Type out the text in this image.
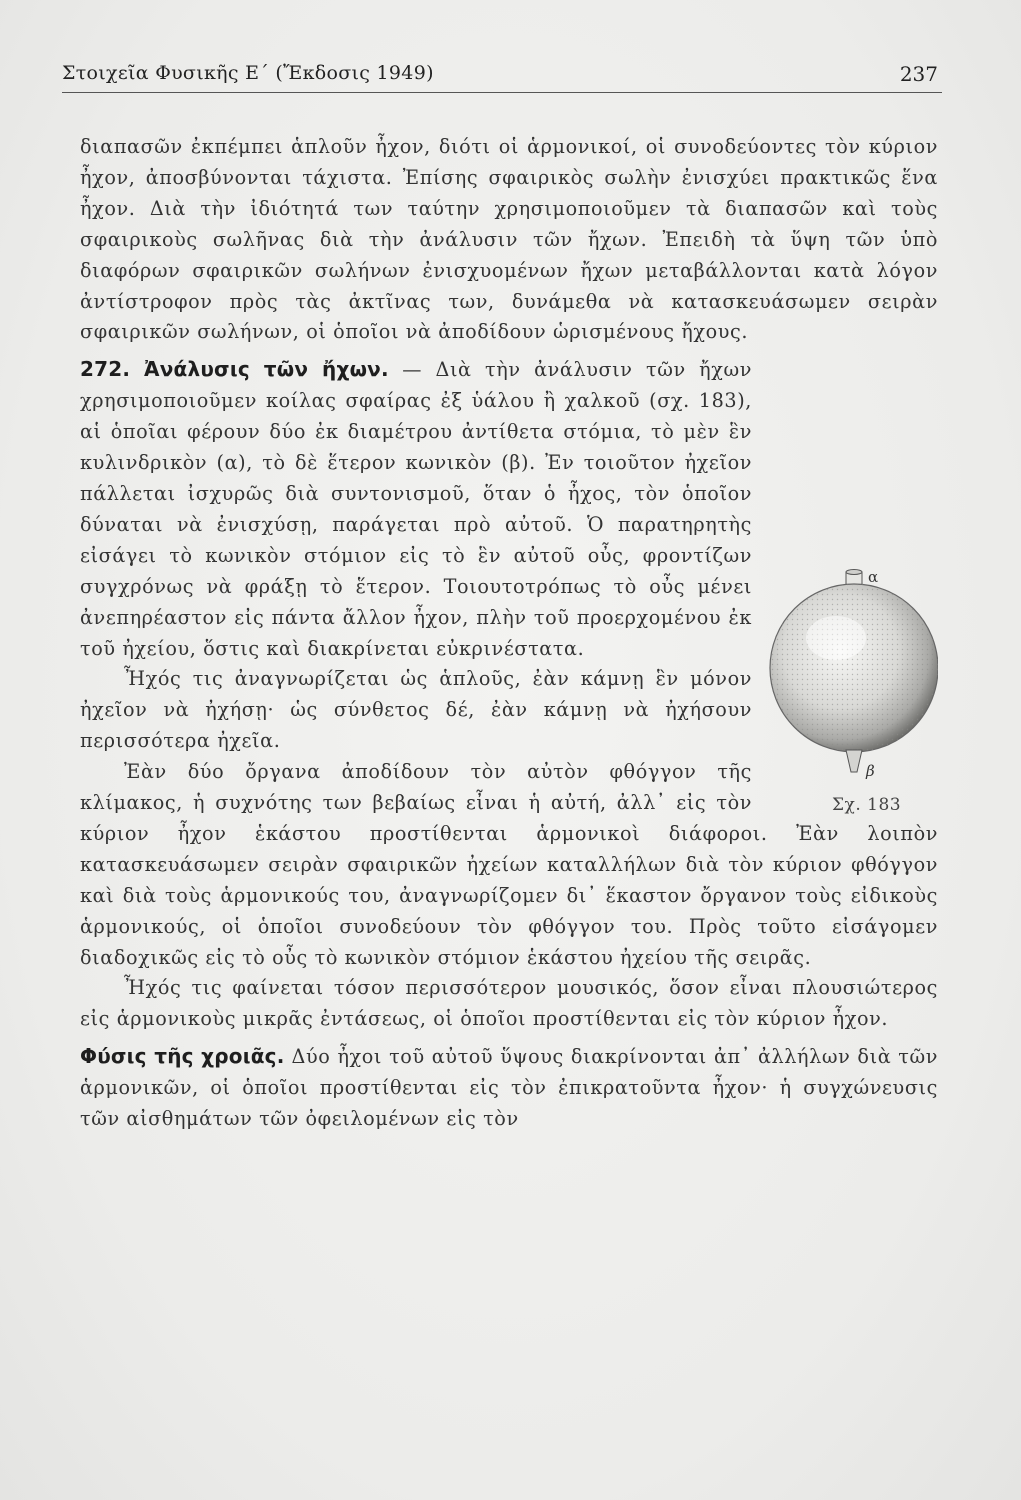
Στοιχεῖα Φυσικῆς Ε΄ (Ἔκδοσις 1949)	237

διαπασῶν ἐκπέμπει ἁπλοῦν ἦχον, διότι οἱ ἁρμονικοί, οἱ συνοδεύοντες τὸν κύριον ἦχον, ἀποσβύνονται τάχιστα. Ἐπίσης σφαιρικὸς σωλὴν ἐνισχύει πρακτικῶς ἕνα ἦχον. Διὰ τὴν ἰδιότητά των ταύτην χρησιμοποιοῦμεν τὰ διαπασῶν καὶ τοὺς σφαιρικοὺς σωλῆνας διὰ τὴν ἀνάλυσιν τῶν ἤχων. Ἐπειδὴ τὰ ὕψη τῶν ὑπὸ διαφόρων σφαιρικῶν σωλήνων ἐνισχυομένων ἤχων μεταβάλλονται κατὰ λόγον ἀντίστροφον πρὸς τὰς ἀκτῖνας των, δυνάμεθα νὰ κατασκευάσωμεν σειρὰν σφαιρικῶν σωλήνων, οἱ ὁποῖοι νὰ ἀποδίδουν ὡρισμένους ἤχους.

α
β
Σχ. 183
272. Ἀνάλυσις τῶν ἤχων. — Διὰ τὴν ἀνάλυσιν τῶν ἤχων χρησιμοποιοῦμεν κοίλας σφαίρας ἐξ ὑάλου ἢ χαλκοῦ (σχ. 183), αἱ ὁποῖαι φέρουν δύο ἐκ διαμέτρου ἀντίθετα στόμια, τὸ μὲν ἓν κυλινδρικὸν (α), τὸ δὲ ἕτερον κωνικὸν (β). Ἐν τοιοῦτον ἠχεῖον πάλλεται ἰσχυρῶς διὰ συντονισμοῦ, ὅταν ὁ ἦχος, τὸν ὁποῖον δύναται νὰ ἐνισχύσῃ, παράγεται πρὸ αὐτοῦ. Ὁ παρατηρητὴς εἰσάγει τὸ κωνικὸν στόμιον εἰς τὸ ἓν αὐτοῦ οὖς, φροντίζων συγχρόνως νὰ φράξῃ τὸ ἕτερον. Τοιουτοτρόπως τὸ οὖς μένει ἀνεπηρέαστον εἰς πάντα ἄλλον ἦχον, πλὴν τοῦ προερχομένου ἐκ τοῦ ἠχείου, ὅστις καὶ διακρίνεται εὐκρινέστατα.

Ἦχός τις ἀναγνωρίζεται ὡς ἁπλοῦς, ἐὰν κάμνῃ ἓν μόνον ἠχεῖον νὰ ἠχήσῃ· ὡς σύνθετος δέ, ἐὰν κάμνῃ νὰ ἠχήσουν περισσότερα ἠχεῖα.

Ἐὰν δύο ὄργανα ἀποδίδουν τὸν αὐτὸν φθόγγον τῆς κλίμακος, ἡ συχνότης των βεβαίως εἶναι ἡ αὐτή, ἀλλ᾿ εἰς τὸν κύριον ἦχον ἑκάστου προστίθενται ἁρμονικοὶ διάφοροι. Ἐὰν λοιπὸν κατασκευάσωμεν σειρὰν σφαιρικῶν ἠχείων καταλλήλων διὰ τὸν κύριον φθόγγον καὶ διὰ τοὺς ἁρμονικούς του, ἀναγνωρίζομεν δι᾿ ἕκαστον ὄργανον τοὺς εἰδικοὺς ἁρμονικούς, οἱ ὁποῖοι συνοδεύουν τὸν φθόγγον του. Πρὸς τοῦτο εἰσάγομεν διαδοχικῶς εἰς τὸ οὖς τὸ κωνικὸν στόμιον ἑκάστου ἠχείου τῆς σειρᾶς.

Ἦχός τις φαίνεται τόσον περισσότερον μουσικός, ὅσον εἶναι πλουσιώτερος εἰς ἁρμονικοὺς μικρᾶς ἐντάσεως, οἱ ὁποῖοι προστίθενται εἰς τὸν κύριον ἦχον.

Φύσις τῆς χροιᾶς. Δύο ἦχοι τοῦ αὐτοῦ ὕψους διακρίνονται ἀπ᾿ ἀλλήλων διὰ τῶν ἁρμονικῶν, οἱ ὁποῖοι προστίθενται εἰς τὸν ἐπικρατοῦντα ἦχον· ἡ συγχώνευσις τῶν αἰσθημάτων τῶν ὀφειλομένων εἰς τὸν
